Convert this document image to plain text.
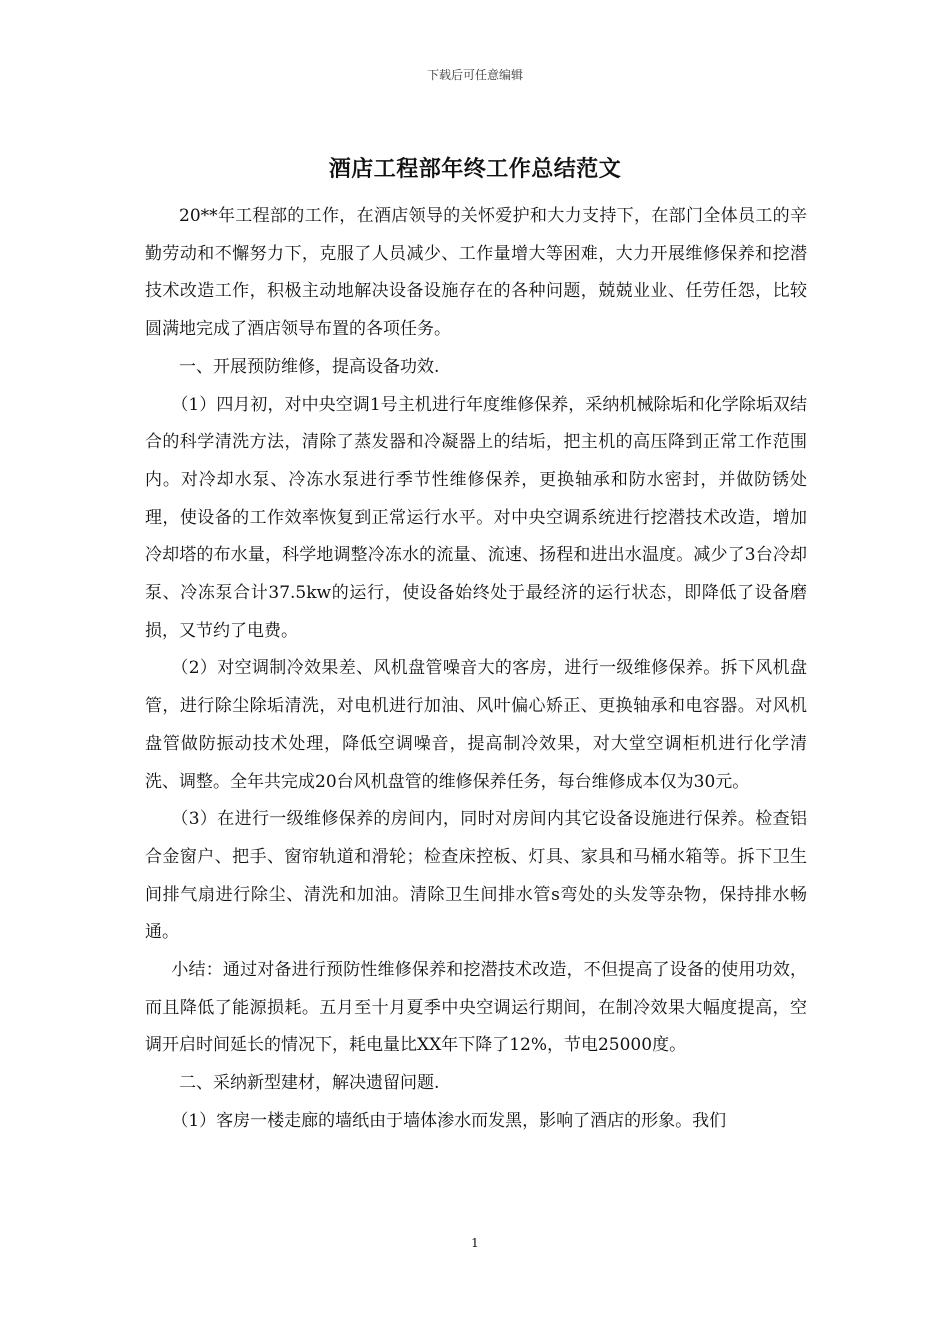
下载后可任意编辑
酒店工程部年终工作总结范文

20**年工程部的工作，在酒店领导的关怀爱护和大力支持下，在部门全体员工的辛勤劳动和不懈努力下，克服了人员减少、工作量增大等困难，大力开展维修保养和挖潜技术改造工作，积极主动地解决设备设施存在的各种问题，兢兢业业、任劳任怨，比较圆满地完成了酒店领导布置的各项任务。

一、开展预防维修，提高设备功效.

（1）四月初，对中央空调1号主机进行年度维修保养，采纳机械除垢和化学除垢双结合的科学清洗方法，清除了蒸发器和冷凝器上的结垢，把主机的高压降到正常工作范围内。对冷却水泵、冷冻水泵进行季节性维修保养，更换轴承和防水密封，并做防锈处理，使设备的工作效率恢复到正常运行水平。对中央空调系统进行挖潜技术改造，增加冷却塔的布水量，科学地调整冷冻水的流量、流速、扬程和进出水温度。减少了3台冷却泵、冷冻泵合计37.5kw的运行，使设备始终处于最经济的运行状态，即降低了设备磨损，又节约了电费。

（2）对空调制冷效果差、风机盘管噪音大的客房，进行一级维修保养。拆下风机盘管，进行除尘除垢清洗，对电机进行加油、风叶偏心矫正、更换轴承和电容器。对风机盘管做防振动技术处理，降低空调噪音，提高制冷效果，对大堂空调柜机进行化学清洗、调整。全年共完成20台风机盘管的维修保养任务，每台维修成本仅为30元。

（3）在进行一级维修保养的房间内，同时对房间内其它设备设施进行保养。检查铝合金窗户、把手、窗帘轨道和滑轮；检查床控板、灯具、家具和马桶水箱等。拆下卫生间排气扇进行除尘、清洗和加油。清除卫生间排水管s弯处的头发等杂物，保持排水畅通。

小结：通过对备进行预防性维修保养和挖潜技术改造，不但提高了设备的使用功效，而且降低了能源损耗。五月至十月夏季中央空调运行期间，在制冷效果大幅度提高，空调开启时间延长的情况下，耗电量比XX年下降了12%，节电25000度。

二、采纳新型建材，解决遗留问题.

（1）客房一楼走廊的墙纸由于墙体渗水而发黑，影响了酒店的形象。我们

1
